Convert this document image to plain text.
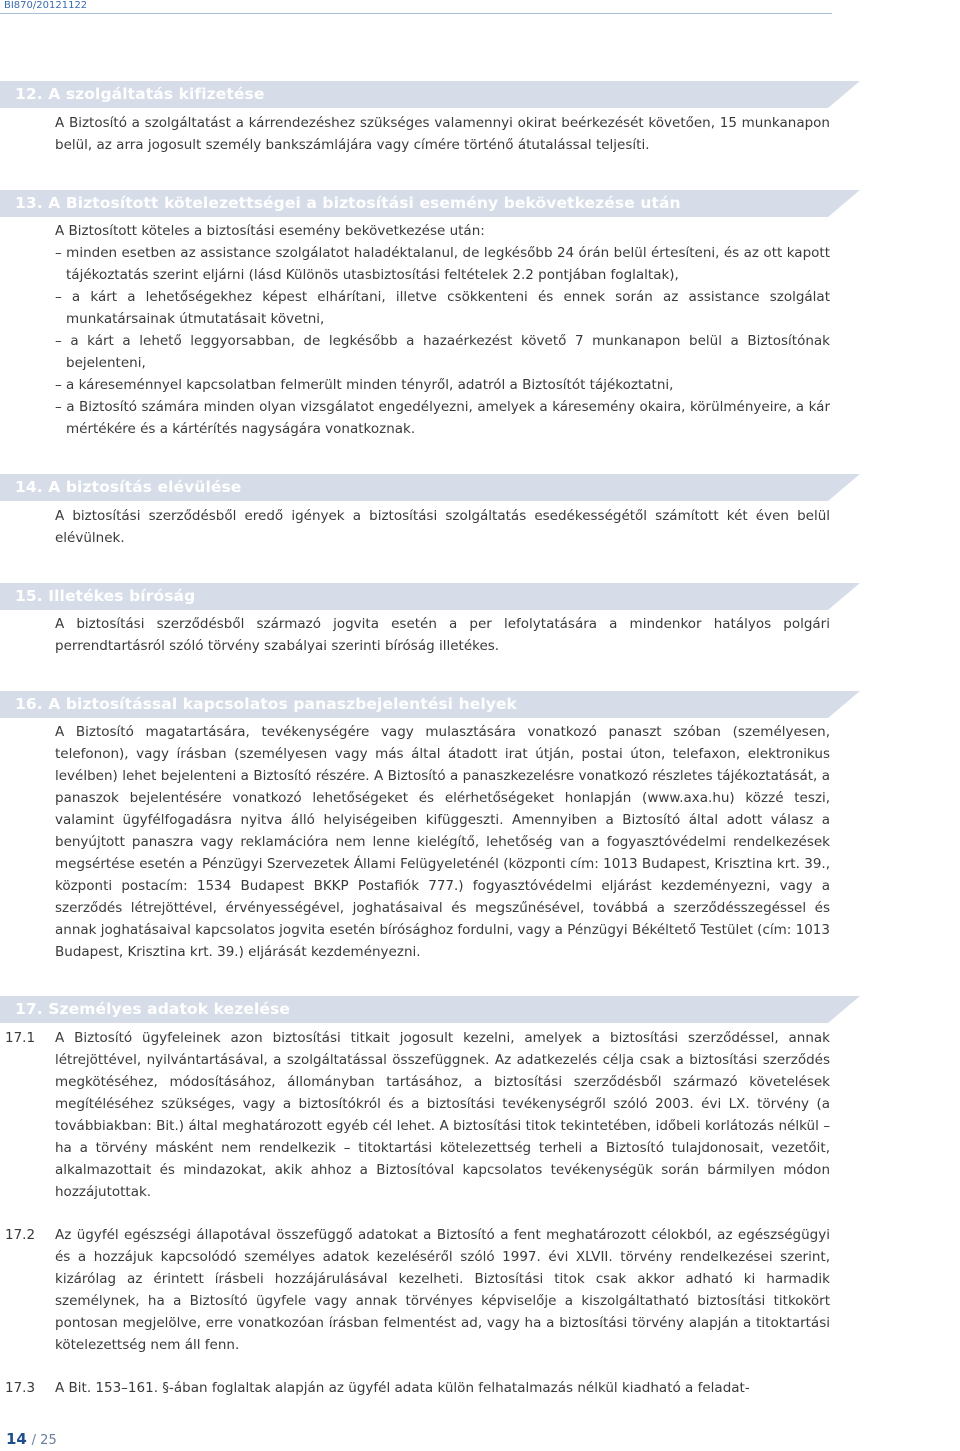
BI870/20121122
12. A szolgáltatás kifizetése
A Biztosító a szolgáltatást a kárrendezéshez szükséges valamennyi okirat beérkezését követően, 15 munkanapon belül, az arra jogosult személy bankszámlájára vagy címére történő átutalással teljesíti.
13. A Biztosított kötelezettségei a biztosítási esemény bekövetkezése után
A Biztosított köteles a biztosítási esemény bekövetkezése után:
– minden esetben az assistance szolgálatot haladéktalanul, de legkésőbb 24 órán belül értesíteni, és az ott kapott tájékoztatás szerint eljárni (lásd Különös utasbiztosítási feltételek 2.2 pontjában foglaltak),
– a kárt a lehetőségekhez képest elhárítani, illetve csökkenteni és ennek során az assistance szolgálat munkatársainak útmutatásait követni,
– a kárt a lehető leggyorsabban, de legkésőbb a hazaérkezést követő 7 munkanapon belül a Biztosítónak bejelenteni,
– a káreseménnyel kapcsolatban felmerült minden tényről, adatról a Biztosítót tájékoztatni,
– a Biztosító számára minden olyan vizsgálatot engedélyezni, amelyek a káresemény okaira, körülményeire, a kár mértékére és a kártérítés nagyságára vonatkoznak.
14. A biztosítás elévülése
A biztosítási szerződésből eredő igények a biztosítási szolgáltatás esedékességétől számított két éven belül elévülnek.
15. Illetékes bíróság
A biztosítási szerződésből származó jogvita esetén a per lefolytatására a mindenkor hatályos polgári perrendtartásról szóló törvény szabályai szerinti bíróság illetékes.
16. A biztosítással kapcsolatos panaszbejelentési helyek
A Biztosító magatartására, tevékenységére vagy mulasztására vonatkozó panaszt szóban (személyesen, telefonon), vagy írásban (személyesen vagy más által átadott irat útján, postai úton, telefaxon, elektronikus levélben) lehet bejelenteni a Biztosító részére. A Biztosító a panaszkezelésre vonatkozó részletes tájékoztatását, a panaszok bejelentésére vonatkozó lehetőségeket és elérhetőségeket honlapján (www.axa.hu) közzé teszi, valamint ügyfélfogadásra nyitva álló helyiségeiben kifüggeszti. Amennyiben a Biztosító által adott válasz a benyújtott panaszra vagy reklamációra nem lenne kielégítő, lehetőség van a fogyasztóvédelmi rendelkezések megsértése esetén a Pénzügyi Szervezetek Állami Felügyeleténél (központi cím: 1013 Budapest, Krisztina krt. 39., központi postacím: 1534 Budapest BKKP Postafiók 777.) fogyasztóvédelmi eljárást kezdeményezni, vagy a szerződés létrejöttével, érvényességével, joghatásaival és megszűnésével, továbbá a szerződésszegéssel és annak joghatásaival kapcsolatos jogvita esetén bírósághoz fordulni, vagy a Pénzügyi Békéltető Testület (cím: 1013 Budapest, Krisztina krt. 39.) eljárását kezdeményezni.
17. Személyes adatok kezelése
17.1 A Biztosító ügyfeleinek azon biztosítási titkait jogosult kezelni, amelyek a biztosítási szerződéssel, annak létrejöttével, nyilvántartásával, a szolgáltatással összefüggnek. Az adatkezelés célja csak a biztosítási szerződés megkötéséhez, módosításához, állományban tartásához, a biztosítási szerződésből származó követelések megítéléséhez szükséges, vagy a biztosítókról és a biztosítási tevékenységről szóló 2003. évi LX. törvény (a továbbiakban: Bit.) által meghatározott egyéb cél lehet. A biztosítási titok tekintetében, időbeli korlátozás nélkül – ha a törvény másként nem rendelkezik – titoktartási kötelezettség terheli a Biztosító tulajdonosait, vezetőit, alkalmazottait és mindazokat, akik ahhoz a Biztosítóval kapcsolatos tevékenységük során bármilyen módon hozzájutottak.
17.2 Az ügyfél egészségi állapotával összefüggő adatokat a Biztosító a fent meghatározott célokból, az egészségügyi és a hozzájuk kapcsolódó személyes adatok kezeléséről szóló 1997. évi XLVII. törvény rendelkezései szerint, kizárólag az érintett írásbeli hozzájárulásával kezelheti. Biztosítási titok csak akkor adható ki harmadik személynek, ha a Biztosító ügyfele vagy annak törvényes képviselője a kiszolgáltatható biztosítási titkokört pontosan megjelölve, erre vonatkozóan írásban felmentést ad, vagy ha a biztosítási törvény alapján a titoktartási kötelezettség nem áll fenn.
17.3 A Bit. 153–161. §-ában foglaltak alapján az ügyfél adata külön felhatalmazás nélkül kiadható a feladat-
14 / 25
